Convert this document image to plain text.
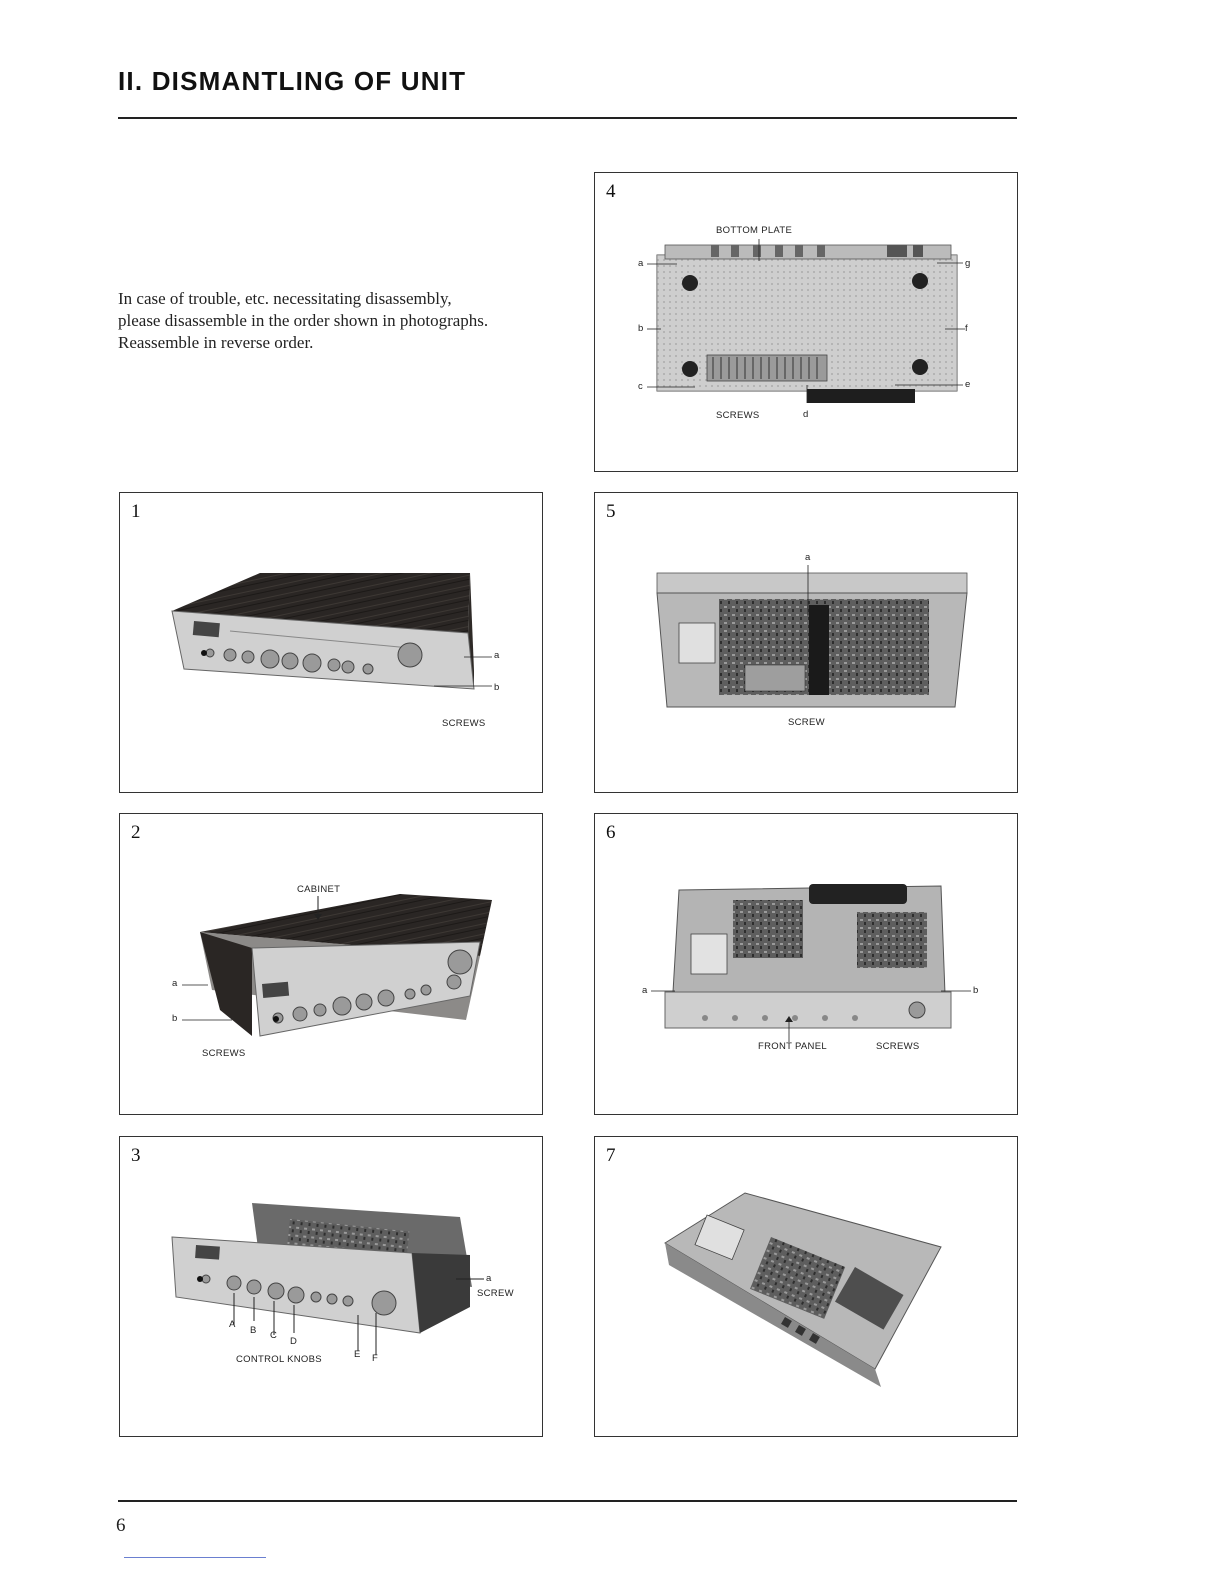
II. DISMANTLING OF UNIT

In case of trouble, etc. necessitating disassembly,
please disassemble in the order shown in photographs.
Reassemble in reverse order.

4
BOTTOM PLATE
a
b
c
d
e
f
g
SCREWS
1
a
b
SCREWS
5
a
SCREW
2
CABINET
a
b
SCREWS
6
a	b
FRONT PANEL	SCREWS
3
a
SCREW
A
B C
D
E F
CONTROL KNOBS
7
6
